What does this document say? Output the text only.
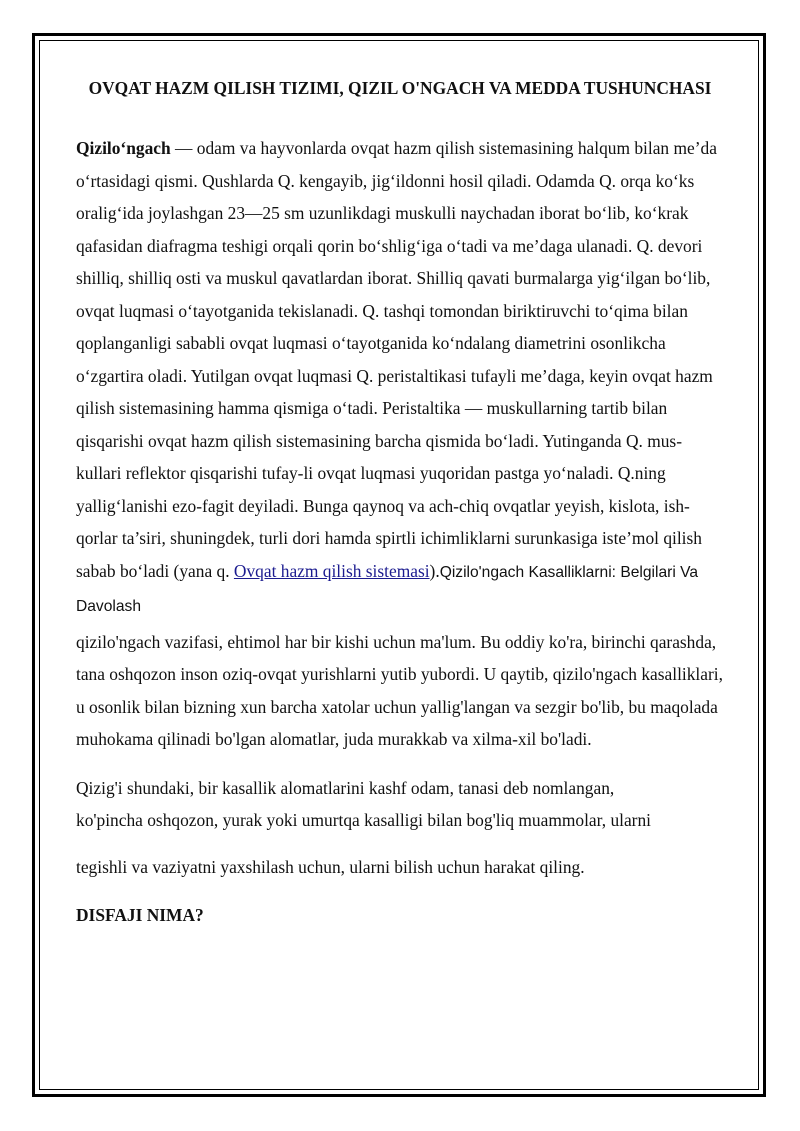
OVQAT HAZM QILISH TIZIMI, QIZIL O'NGACH VA MEDDA TUSHUNCHASI

Qizilo‘ngach — odam va hayvonlarda ovqat hazm qilish sistemasining halqum bilan me’da o‘rtasidagi qismi. Qushlarda Q. kengayib, jig‘ildonni hosil qiladi. Odamda Q. orqa ko‘ks oralig‘ida joylashgan 23—25 sm uzunlikdagi muskulli naychadan iborat bo‘lib, ko‘krak qafasidan diafragma teshigi orqali qorin bo‘shlig‘iga o‘tadi va me’daga ulanadi. Q. devori shilliq, shilliq osti va muskul qavatlardan iborat. Shilliq qavati burmalarga yig‘ilgan bo‘lib, ovqat luqmasi o‘tayotganida tekislanadi. Q. tashqi tomondan biriktiruvchi to‘qima bilan qoplanganligi sababli ovqat luqmasi o‘tayotganida ko‘ndalang diametrini osonlikcha o‘zgartira oladi. Yutilgan ovqat luqmasi Q. peristaltikasi tufayli me’daga, keyin ovqat hazm qilish sistemasining hamma qismiga o‘tadi. Peristaltika — muskullarning tartib bilan qisqarishi ovqat hazm qilish sistemasining barcha qismida bo‘ladi. Yutinganda Q. mus-kullari reflektor qisqarishi tufay-li ovqat luqmasi yuqoridan pastga yo‘naladi. Q.ning yallig‘lanishi ezo-fagit deyiladi. Bunga qaynoq va ach-chiq ovqatlar yeyish, kislota, ish-qorlar ta’siri, shuningdek, turli dori hamda spirtli ichimliklarni surunkasiga iste’mol qilish sabab bo‘ladi (yana q. Ovqat hazm qilish sistemasi).Qizilo'ngach Kasalliklarni: Belgilari Va Davolash

qizilo'ngach vazifasi, ehtimol har bir kishi uchun ma'lum. Bu oddiy ko'ra, birinchi qarashda, tana oshqozon inson oziq-ovqat yurishlarni yutib yubordi. U qaytib, qizilo'ngach kasalliklari, u osonlik bilan bizning xun barcha xatolar uchun yallig'langan va sezgir bo'lib, bu maqolada muhokama qilinadi bo'lgan alomatlar, juda murakkab va xilma-xil bo'ladi.

Qizig'i shundaki, bir kasallik alomatlarini kashf odam, tanasi deb nomlangan,
ko'pincha oshqozon, yurak yoki umurtqa kasalligi bilan bog'liq muammolar, ularni
tegishli va vaziyatni yaxshilash uchun, ularni bilish uchun harakat qiling.

DISFAJI NIMA?
